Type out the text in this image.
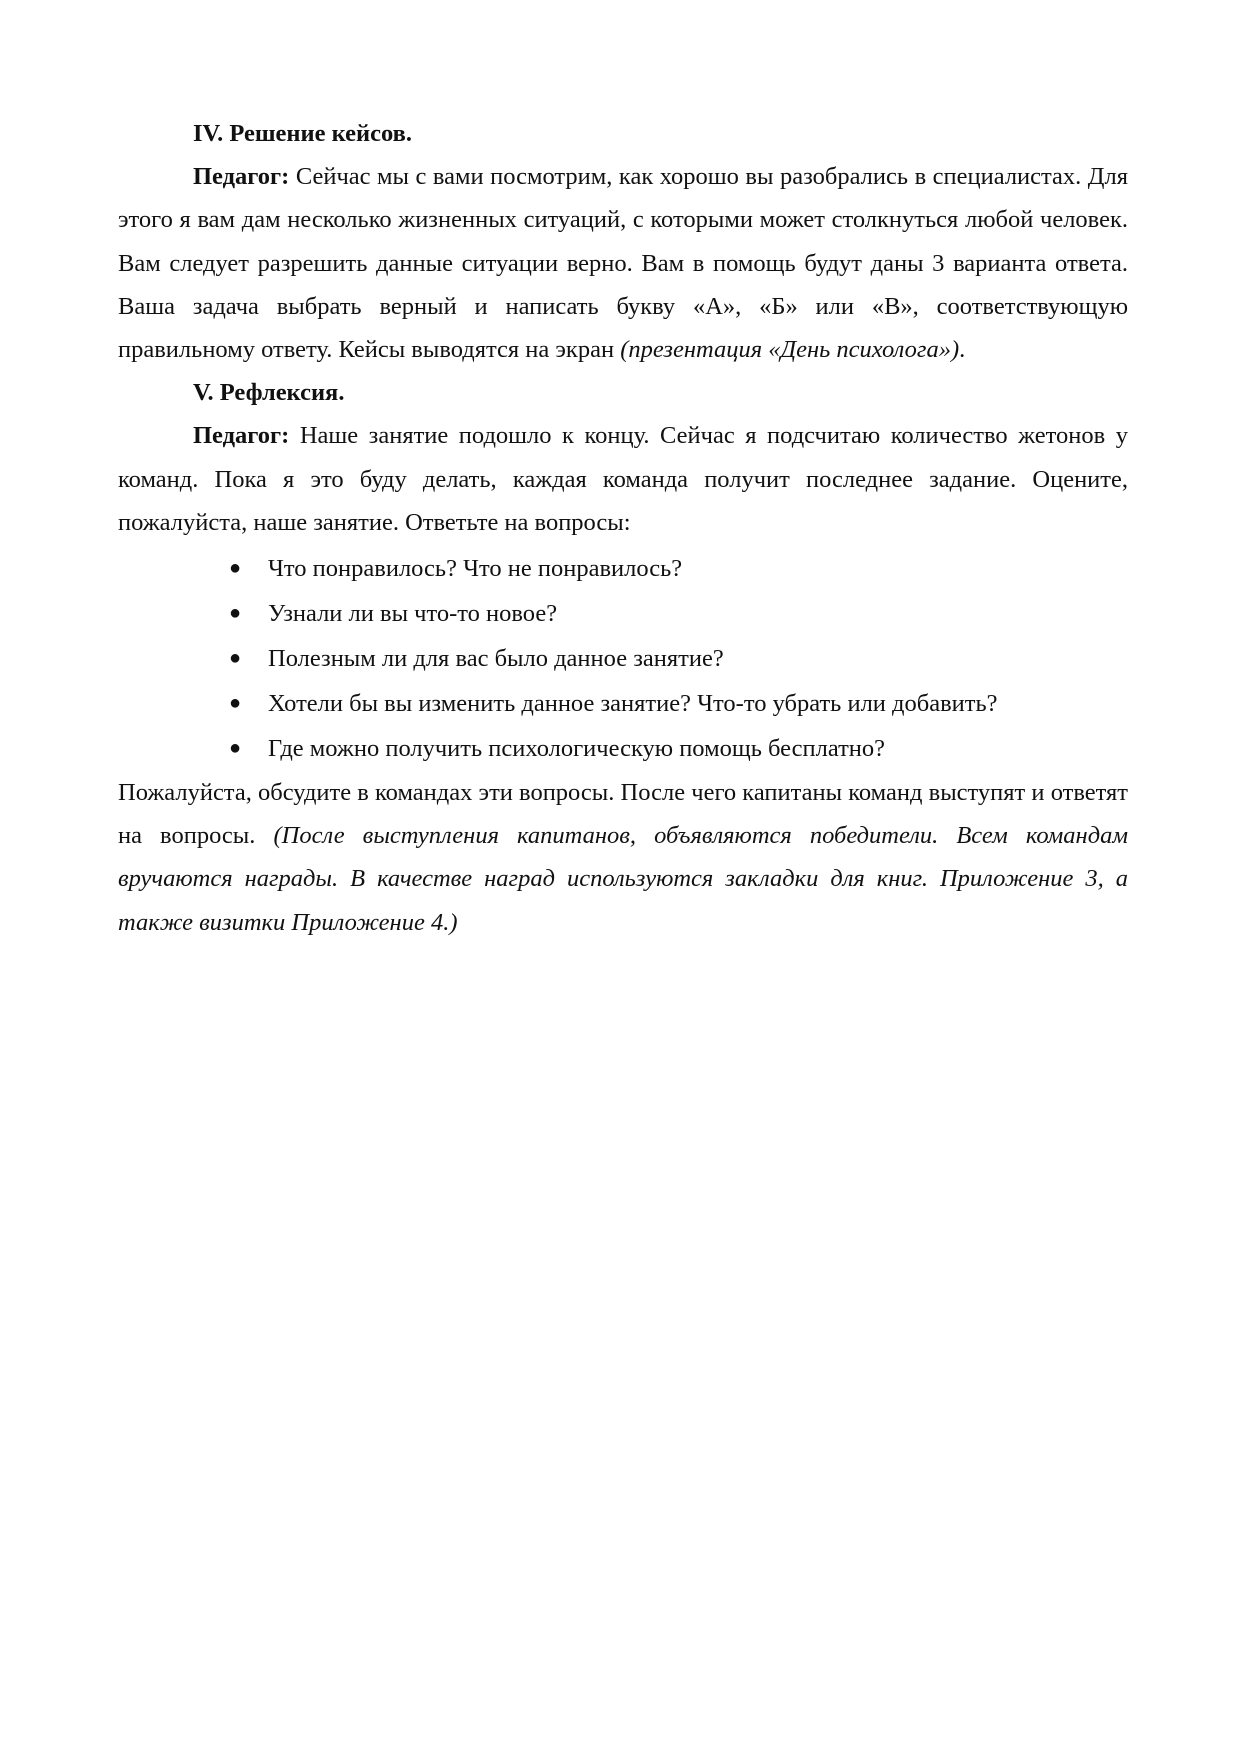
IV. Решение кейсов.

Педагог: Сейчас мы с вами посмотрим, как хорошо вы разобрались в специалистах. Для этого я вам дам несколько жизненных ситуаций, с которыми может столкнуться любой человек. Вам следует разрешить данные ситуации верно. Вам в помощь будут даны 3 варианта ответа. Ваша задача выбрать верный и написать букву «А», «Б» или «В», соответствующую правильному ответу. Кейсы выводятся на экран (презентация «День психолога»).

V. Рефлексия.

Педагог: Наше занятие подошло к концу. Сейчас я подсчитаю количество жетонов у команд. Пока я это буду делать, каждая команда получит последнее задание. Оцените, пожалуйста, наше занятие. Ответьте на вопросы:

● Что понравилось? Что не понравилось?
● Узнали ли вы что-то новое?
● Полезным ли для вас было данное занятие?
● Хотели бы вы изменить данное занятие? Что-то убрать или добавить?
● Где можно получить психологическую помощь бесплатно?

Пожалуйста, обсудите в командах эти вопросы. После чего капитаны команд выступят и ответят на вопросы. (После выступления капитанов, объявляются победители. Всем командам вручаются награды. В качестве наград используются закладки для книг. Приложение 3, а также визитки Приложение 4.)
